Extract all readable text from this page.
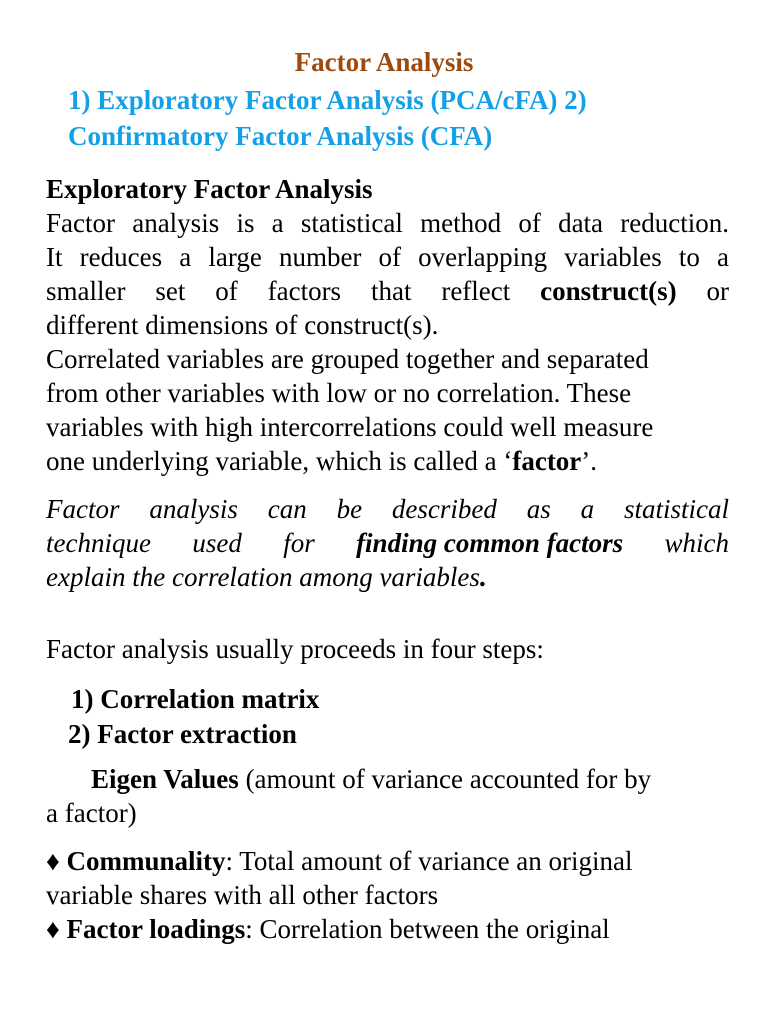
Factor Analysis
1) Exploratory Factor Analysis (PCA/cFA) 2)
Confirmatory Factor Analysis (CFA)
Exploratory Factor Analysis
Factor analysis is a statistical method of data reduction.
It reduces a large number of overlapping variables to a
smaller set of factors that reflect construct(s) or
different dimensions of construct(s).
Correlated variables are grouped together and separated
from other variables with low or no correlation. These
variables with high intercorrelations could well measure
one underlying variable, which is called a ‘factor’.
Factor analysis can be described as a statistical
technique used for finding common factors which
explain the correlation among variables.
Factor analysis usually proceeds in four steps:
1) Correlation matrix
2) Factor extraction
Eigen Values (amount of variance accounted for by
a factor)
♦ Communality: Total amount of variance an original
variable shares with all other factors
♦ Factor loadings: Correlation between the original
